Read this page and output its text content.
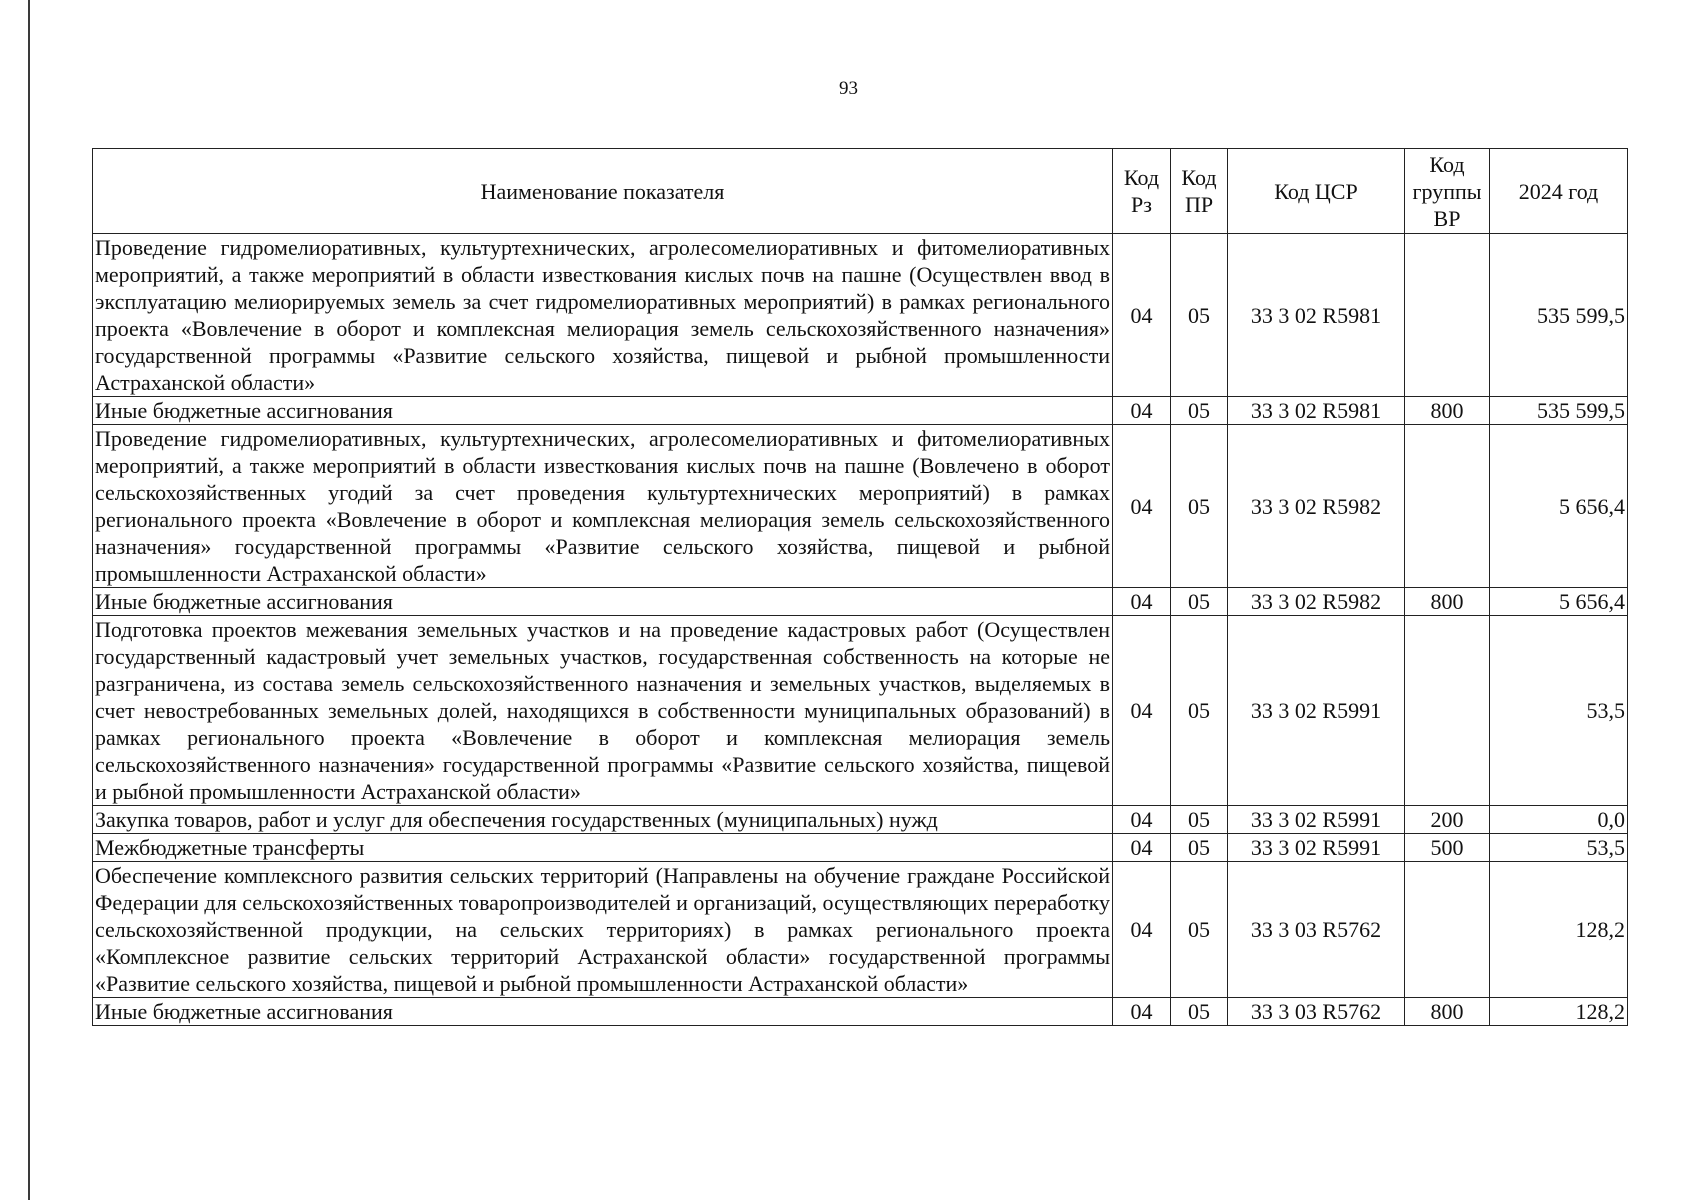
93
Наименование показателя	Код Рз	Код ПР	Код ЦСР	Код группы ВР	2024 год
Проведение гидромелиоративных, культуртехнических, агролесомелиоративных и фитомелиоративных мероприятий, а также мероприятий в области известкования кислых почв на пашне (Осуществлен ввод в эксплуатацию мелиорируемых земель за счет гидромелиоративных мероприятий) в рамках регионального проекта «Вовлечение в оборот и комплексная мелиорация земель сельскохозяйственного назначения» государственной программы «Развитие сельского хозяйства, пищевой и рыбной промышленности Астраханской области»	04	05	33 3 02 R5981		535 599,5
Иные бюджетные ассигнования	04	05	33 3 02 R5981	800	535 599,5
Проведение гидромелиоративных, культуртехнических, агролесомелиоративных и фитомелиоративных мероприятий, а также мероприятий в области известкования кислых почв на пашне (Вовлечено в оборот сельскохозяйственных угодий за счет проведения культуртехнических мероприятий) в рамках регионального проекта «Вовлечение в оборот и комплексная мелиорация земель сельскохозяйственного назначения» государственной программы «Развитие сельского хозяйства, пищевой и рыбной промышленности Астраханской области»	04	05	33 3 02 R5982		5 656,4
Иные бюджетные ассигнования	04	05	33 3 02 R5982	800	5 656,4
Подготовка проектов межевания земельных участков и на проведение кадастровых работ (Осуществлен государственный кадастровый учет земельных участков, государственная собственность на которые не разграничена, из состава земель сельскохозяйственного назначения и земельных участков, выделяемых в счет невостребованных земельных долей, находящихся в собственности муниципальных образований) в рамках регионального проекта «Вовлечение в оборот и комплексная мелиорация земель сельскохозяйственного назначения» государственной программы «Развитие сельского хозяйства, пищевой и рыбной промышленности Астраханской области»	04	05	33 3 02 R5991		53,5
Закупка товаров, работ и услуг для обеспечения государственных (муниципальных) нужд	04	05	33 3 02 R5991	200	0,0
Межбюджетные трансферты	04	05	33 3 02 R5991	500	53,5
Обеспечение комплексного развития сельских территорий (Направлены на обучение граждане Российской Федерации для сельскохозяйственных товаропроизводителей и организаций, осуществляющих переработку сельскохозяйственной продукции, на сельских территориях) в рамках регионального проекта «Комплексное развитие сельских территорий Астраханской области» государственной программы «Развитие сельского хозяйства, пищевой и рыбной промышленности Астраханской области»	04	05	33 3 03 R5762		128,2
Иные бюджетные ассигнования	04	05	33 3 03 R5762	800	128,2
